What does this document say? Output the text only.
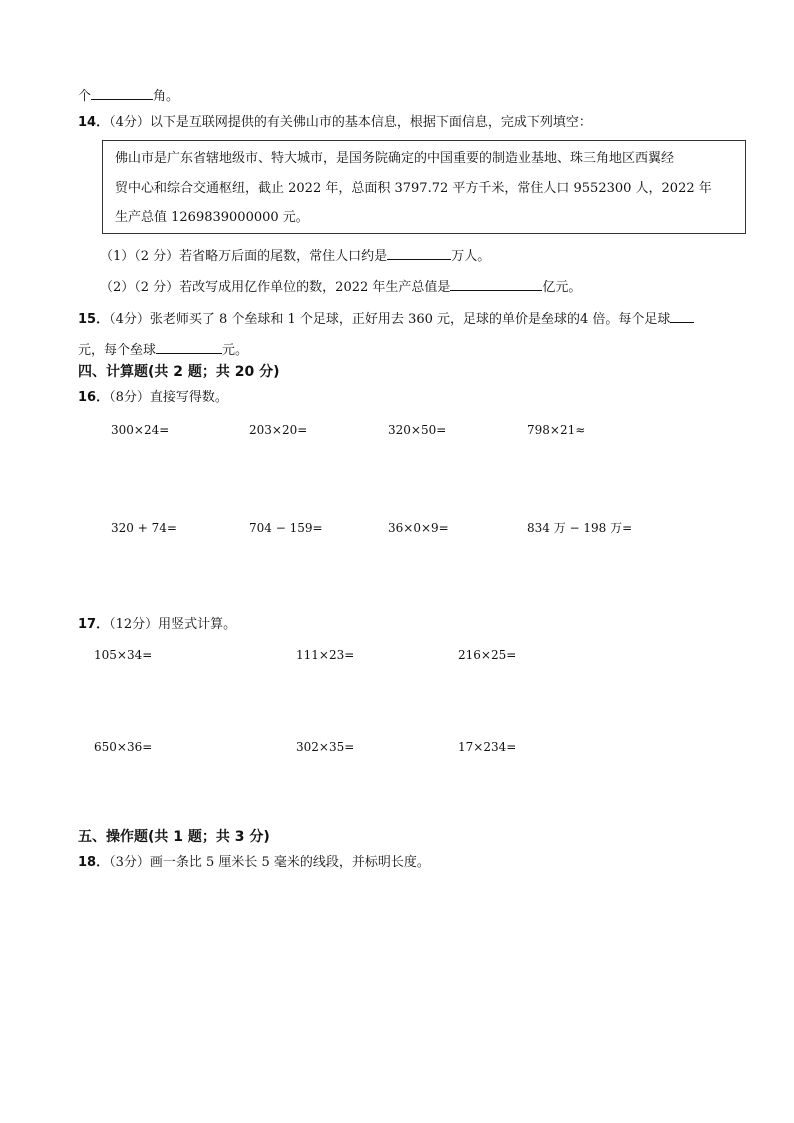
个	角。
14．（4分）以下是互联网提供的有关佛山市的基本信息，根据下面信息，完成下列填空：
佛山市是广东省辖地级市、特大城市，是国务院确定的中国重要的制造业基地、珠三角地区西翼经
贸中心和综合交通枢纽，截止 2022 年，总面积 3797.72 平方千米，常住人口 9552300 人，2022 年
生产总值 1269839000000 元。
（1）（2 分）若省略万后面的尾数，常住人口约是	万人。
（2）（2 分）若改写成用亿作单位的数，2022 年生产总值是	亿元。
15．（4分）张老师买了 8 个垒球和 1 个足球，正好用去 360 元，足球的单价是垒球的4 倍。每个足球
元，每个垒球	元。
四、计算题(共 2 题；共 20 分)
16．（8分）直接写得数。
300×24=	203×20=	320×50=	798×21≈
320 + 74=	704 − 159=	36×0×9=	834 万 − 198 万=
17．（12分）用竖式计算。
105×34=	111×23=	216×25=
650×36=	302×35=	17×234=
五、操作题(共 1 题；共 3 分)
18．（3分）画一条比 5 厘米长 5 毫米的线段，并标明长度。
